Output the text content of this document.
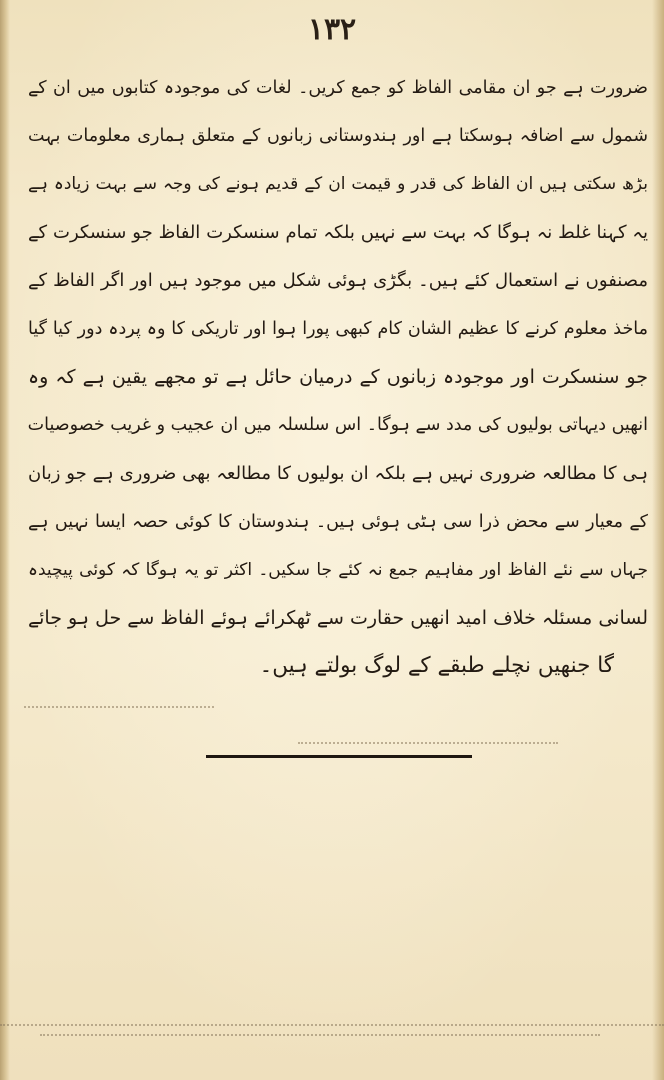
۱۳۲
ضرورت ہے جو ان مقامی الفاظ کو جمع کریں۔ لغات کی موجودہ کتابوں میں ان کے
شمول سے اضافہ ہوسکتا ہے اور ہندوستانی زبانوں کے متعلق ہماری معلومات بہت
بڑھ سکتی ہیں ان الفاظ کی قدر و قیمت ان کے قدیم ہونے کی وجہ سے بہت زیادہ ہے
یہ کہنا غلط نہ ہوگا کہ بہت سے نہیں بلکہ تمام سنسکرت الفاظ جو سنسکرت کے
مصنفوں نے استعمال کئے ہیں۔ بگڑی ہوئی شکل میں موجود ہیں اور اگر الفاظ کے
ماخذ معلوم کرنے کا عظیم الشان کام کبھی پورا ہوا اور تاریکی کا وہ پردہ دور کیا گیا
جو سنسکرت اور موجودہ زبانوں کے درمیان حائل ہے تو مجھے یقین ہے کہ وہ
انھیں دیہاتی بولیوں کی مدد سے ہوگا۔ اس سلسلہ میں ان عجیب و غریب خصوصیات
ہی کا مطالعہ ضروری نہیں ہے بلکہ ان بولیوں کا مطالعہ بھی ضروری ہے جو زبان
کے معیار سے محض ذرا سی ہٹی ہوئی ہیں۔ ہندوستان کا کوئی حصہ ایسا نہیں ہے
جہاں سے نئے الفاظ اور مفاہیم جمع نہ کئے جا سکیں۔ اکثر تو یہ ہوگا کہ کوئی پیچیدہ
لسانی مسئلہ خلاف امید انھیں حقارت سے ٹھکرائے ہوئے الفاظ سے حل ہو جائے
گا جنھیں نچلے طبقے کے لوگ بولتے ہیں۔
